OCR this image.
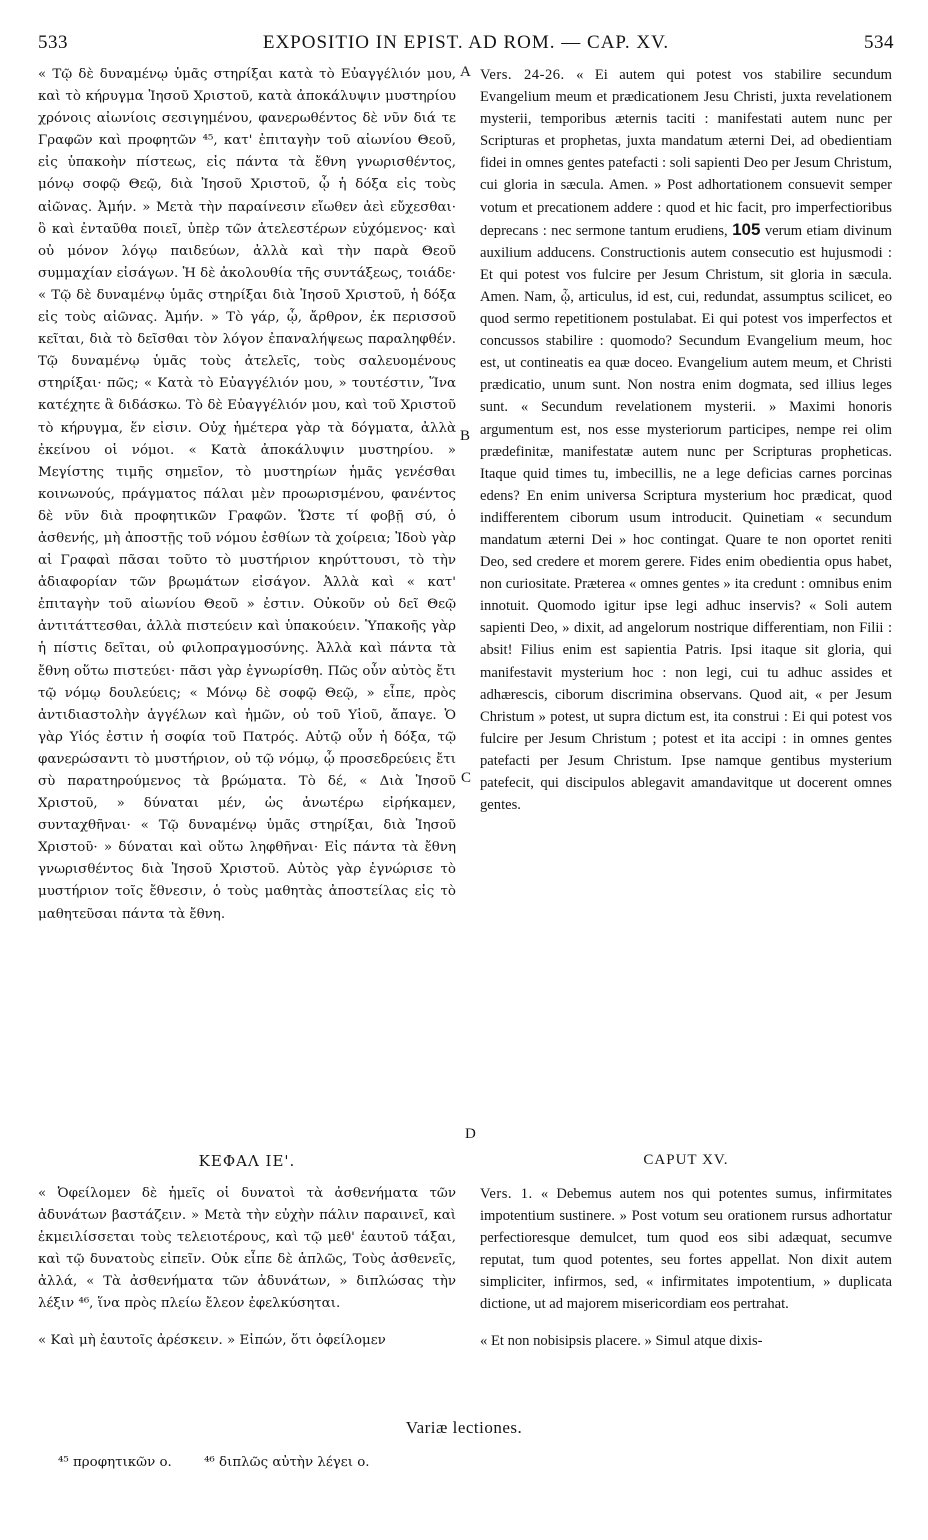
533	EXPOSITIO IN EPIST. AD ROM. — CAP. XV.	534

« Τῷ δὲ δυναμένῳ ὑμᾶς στηρίξαι κατὰ τὸ Εὐαγγέλιόν μου, καὶ τὸ κήρυγμα Ἰησοῦ Χριστοῦ, κατὰ ἀποκάλυψιν μυστηρίου χρόνοις αἰωνίοις σεσιγημένου, φανερωθέντος δὲ νῦν διά τε Γραφῶν καὶ προφητῶν ⁴⁵, κατ' ἐπιταγὴν τοῦ αἰωνίου Θεοῦ, εἰς ὑπακοὴν πίστεως, εἰς πάντα τὰ ἔθνη γνωρισθέντος, μόνῳ σοφῷ Θεῷ, διὰ Ἰησοῦ Χριστοῦ, ᾧ ἡ δόξα εἰς τοὺς αἰῶνας. Ἀμήν. » Μετὰ τὴν παραίνεσιν εἴωθεν ἀεὶ εὔχεσθαι· ὃ καὶ ἐνταῦθα ποιεῖ, ὑπὲρ τῶν ἀτελεστέρων εὐχόμενος· καὶ οὐ μόνον λόγῳ παιδεύων, ἀλλὰ καὶ τὴν παρὰ Θεοῦ συμμαχίαν εἰσάγων. Ἡ δὲ ἀκολουθία τῆς συντάξεως, τοιάδε· « Τῷ δὲ δυναμένῳ ὑμᾶς στηρίξαι διὰ Ἰησοῦ Χριστοῦ, ἡ δόξα εἰς τοὺς αἰῶνας. Ἀμήν. » Τὸ γάρ, ᾧ, ἄρθρον, ἐκ περισσοῦ κεῖται, διὰ τὸ δεῖσθαι τὸν λόγον ἐπαναλήψεως παραληφθέν. Τῷ δυναμένῳ ὑμᾶς τοὺς ἀτελεῖς, τοὺς σαλευομένους στηρίξαι· πῶς; « Κατὰ τὸ Εὐαγγέλιόν μου, » τουτέστιν, Ἵνα κατέχητε ἃ διδάσκω. Τὸ δὲ Εὐαγγέλιόν μου, καὶ τοῦ Χριστοῦ τὸ κήρυγμα, ἕν εἰσιν. Οὐχ ἡμέτερα γὰρ τὰ δόγματα, ἀλλὰ ἐκείνου οἱ νόμοι. « Κατὰ ἀποκάλυψιν μυστηρίου. » Μεγίστης τιμῆς σημεῖον, τὸ μυστηρίων ἡμᾶς γενέσθαι κοινωνούς, πράγματος πάλαι μὲν προωρισμένου, φανέντος δὲ νῦν διὰ προφητικῶν Γραφῶν. Ὥστε τί φοβῇ σύ, ὁ ἀσθενής, μὴ ἀποστῇς τοῦ νόμου ἐσθίων τὰ χοίρεια; Ἰδοὺ γὰρ αἱ Γραφαὶ πᾶσαι τοῦτο τὸ μυστήριον κηρύττουσι, τὸ τὴν ἀδιαφορίαν τῶν βρωμάτων εἰσάγον. Ἀλλὰ καὶ « κατ' ἐπιταγὴν τοῦ αἰωνίου Θεοῦ » ἐστιν. Οὐκοῦν οὐ δεῖ Θεῷ ἀντιτάττεσθαι, ἀλλὰ πιστεύειν καὶ ὑπακούειν. Ὑπακοῆς γὰρ ἡ πίστις δεῖται, οὐ φιλοπραγμοσύνης. Ἀλλὰ καὶ πάντα τὰ ἔθνη οὕτω πιστεύει· πᾶσι γὰρ ἐγνωρίσθη. Πῶς οὖν αὐτὸς ἔτι τῷ νόμῳ δουλεύεις; « Μόνῳ δὲ σοφῷ Θεῷ, » εἶπε, πρὸς ἀντιδιαστολὴν ἀγγέλων καὶ ἡμῶν, οὐ τοῦ Υἱοῦ, ἄπαγε. Ὁ γὰρ Υἱός ἐστιν ἡ σοφία τοῦ Πατρός. Αὐτῷ οὖν ἡ δόξα, τῷ φανερώσαντι τὸ μυστήριον, οὐ τῷ νόμῳ, ᾧ προσεδρεύεις ἔτι σὺ παρατηρούμενος τὰ βρώματα. Τὸ δέ, « Διὰ Ἰησοῦ Χριστοῦ, » δύναται μέν, ὡς ἀνωτέρω εἰρήκαμεν, συνταχθῆναι· « Τῷ δυναμένῳ ὑμᾶς στηρίξαι, διὰ Ἰησοῦ Χριστοῦ· » δύναται καὶ οὕτω ληφθῆναι· Εἰς πάντα τὰ ἔθνη γνωρισθέντος διὰ Ἰησοῦ Χριστοῦ. Αὐτὸς γὰρ ἐγνώρισε τὸ μυστήριον τοῖς ἔθνεσιν, ὁ τοὺς μαθητὰς ἀποστείλας εἰς τὸ μαθητεῦσαι πάντα τὰ ἔθνη.

Vers. 24-26. « Ei autem qui potest vos stabilire secundum Evangelium meum et prædicationem Jesu Christi, juxta revelationem mysterii, temporibus æternis taciti : manifestati autem nunc per Scripturas et prophetas, juxta mandatum æterni Dei, ad obedientiam fidei in omnes gentes patefacti : soli sapienti Deo per Jesum Christum, cui gloria in sæcula. Amen. » Post adhortationem consuevit semper votum et precationem addere : quod et hic facit, pro imperfectioribus deprecans : nec sermone tantum erudiens, 105 verum etiam divinum auxilium adducens. Constructionis autem consecutio est hujusmodi : Et qui potest vos fulcire per Jesum Christum, sit gloria in sæcula. Amen. Nam, ᾧ, articulus, id est, cui, redundat, assumptus scilicet, eo quod sermo repetitionem postulabat. Ei qui potest vos imperfectos et concussos stabilire : quomodo? Secundum Evangelium meum, hoc est, ut contineatis ea quæ doceo. Evangelium autem meum, et Christi prædicatio, unum sunt. Non nostra enim dogmata, sed illius leges sunt. « Secundum revelationem mysterii. » Maximi honoris argumentum est, nos esse mysteriorum participes, nempe rei olim prædefinitæ, manifestatæ autem nunc per Scripturas propheticas. Itaque quid times tu, imbecillis, ne a lege deficias carnes porcinas edens? En enim universa Scriptura mysterium hoc prædicat, quod indifferentem ciborum usum introducit. Quinetiam « secundum mandatum æterni Dei » hoc contingat. Quare te non oportet reniti Deo, sed credere et morem gerere. Fides enim obedientia opus habet, non curiositate. Præterea « omnes gentes » ita credunt : omnibus enim innotuit. Quomodo igitur ipse legi adhuc inservis? « Soli autem sapienti Deo, » dixit, ad angelorum nostrique differentiam, non Filii : absit! Filius enim est sapientia Patris. Ipsi itaque sit gloria, qui manifestavit mysterium hoc : non legi, cui tu adhuc assides et adhærescis, ciborum discrimina observans. Quod ait, « per Jesum Christum » potest, ut supra dictum est, ita construi : Ei qui potest vos fulcire per Jesum Christum ; potest et ita accipi : in omnes gentes patefacti per Jesum Christum. Ipse namque gentibus mysterium patefecit, qui discipulos ablegavit amandavitque ut docerent omnes gentes.

A
B
C
D
ΚΕΦΑΛ ΙΕ'.	CAPUT XV.

« Ὀφείλομεν δὲ ἡμεῖς οἱ δυνατοὶ τὰ ἀσθενήματα τῶν ἀδυνάτων βαστάζειν. » Μετὰ τὴν εὐχὴν πάλιν παραινεῖ, καὶ ἐκμειλίσσεται τοὺς τελειοτέρους, καὶ τῷ μεθ' ἑαυτοῦ τάξαι, καὶ τῷ δυνατοὺς εἰπεῖν. Οὐκ εἶπε δὲ ἁπλῶς, Τοὺς ἀσθενεῖς, ἀλλά, « Τὰ ἀσθενήματα τῶν ἀδυνάτων, » διπλώσας τὴν λέξιν ⁴⁶, ἵνα πρὸς πλείω ἔλεον ἐφελκύσηται.

« Καὶ μὴ ἑαυτοῖς ἀρέσκειν. » Εἰπών, ὅτι ὀφείλομεν

Vers. 1. « Debemus autem nos qui potentes sumus, infirmitates impotentium sustinere. » Post votum seu orationem rursus adhortatur perfectioresque demulcet, tum quod eos sibi adæquat, secumve reputat, tum quod potentes, seu fortes appellat. Non dixit autem simpliciter, infirmos, sed, « infirmitates impotentium, » duplicata dictione, ut ad majorem misericordiam eos pertrahat.

« Et non nobisipsis placere. » Simul atque dixis-

Variæ lectiones.
⁴⁵ προφητικῶν ο. ⁴⁶ διπλῶς αὐτὴν λέγει ο.
